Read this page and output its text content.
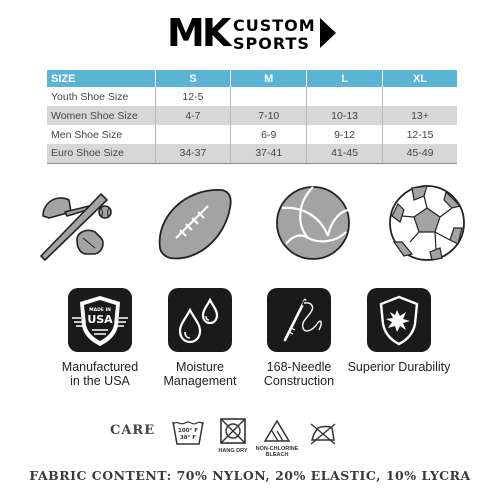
MK CUSTOM
SPORTS
SIZE	S	M	L	XL
Youth Shoe Size	12-5			
Women Shoe Size	4-7	7-10	10-13	13+
Men Shoe Size		6-9	9-12	12-15
Euro Shoe Size	34-37	37-41	41-45	45-49
MADE IN
USA
Manufactured
in the USA
Moisture
Management
168-Needle
Construction
Superior Durability
CARE	100° F
38° F
HANG DRY	NON-CHLORINE
BLEACH
FABRIC CONTENT: 70% NYLON, 20% ELASTIC, 10% LYCRA
